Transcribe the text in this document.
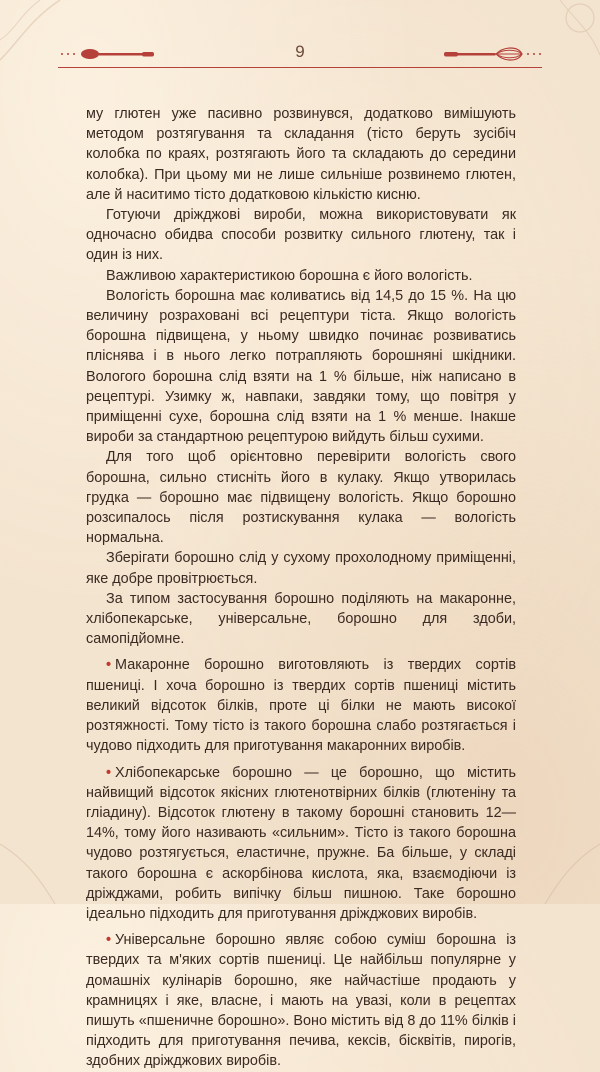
9

му глютен уже пасивно розвинувся, додатково вимішують методом розтягування та складання (тісто беруть зусібіч колобка по краях, розтягають його та складають до середини колобка). При цьому ми не лише сильніше розвинемо глютен, але й наситимо тісто додатковою кількістю кисню.

Готуючи дріжджові вироби, можна використовувати як одночасно обидва способи розвитку сильного глютену, так і один із них.

Важливою характеристикою борошна є його вологість.

Вологість борошна має коливатись від 14,5 до 15 %. На цю величину розраховані всі рецептури тіста. Якщо вологість борошна підвищена, у ньому швидко починає розвиватись пліснява і в нього легко потрапляють борошняні шкідники. Вологого борошна слід взяти на 1 % більше, ніж написано в рецептурі. Узимку ж, навпаки, завдяки тому, що повітря у приміщенні сухе, борошна слід взяти на 1 % менше. Інакше вироби за стандартною рецептурою вийдуть більш сухими.

Для того щоб орієнтовно перевірити вологість свого борошна, сильно стисніть його в кулаку. Якщо утворилась грудка — борошно має підвищену вологість. Якщо борошно розсипалось після розтискування кулака — вологість нормальна.

Зберігати борошно слід у сухому прохолодному приміщенні, яке добре провітрюється.

За типом застосування борошно поділяють на макаронне, хлібопекарське, універсальне, борошно для здоби, самопідйомне.

• Макаронне борошно виготовляють із твердих сортів пшениці. І хоча борошно із твердих сортів пшениці містить великий відсоток білків, проте ці білки не мають високої розтяжності. Тому тісто із такого борошна слабо розтягається і чудово підходить для приготування макаронних виробів.

• Хлібопекарське борошно — це борошно, що містить найвищий відсоток якісних глютенотвірних білків (глютеніну та гліадину). Відсоток глютену в такому борошні становить 12—14%, тому його називають «сильним». Тісто із такого борошна чудово розтягується, еластичне, пружне. Ба більше, у складі такого борошна є аскорбінова кислота, яка, взаємодіючи із дріжджами, робить випічку більш пишною. Таке борошно ідеально підходить для приготування дріжджових виробів.

• Універсальне борошно являє собою суміш борошна із твердих та м'яких сортів пшениці. Це найбільш популярне у домашніх кулінарів борошно, яке найчастіше продають у крамницях і яке, власне, і мають на увазі, коли в рецептах пишуть «пшеничне борошно». Воно містить від 8 до 11% білків і підходить для приготування печива, кексів, бісквітів, пирогів, здобних дріжджових виробів.
